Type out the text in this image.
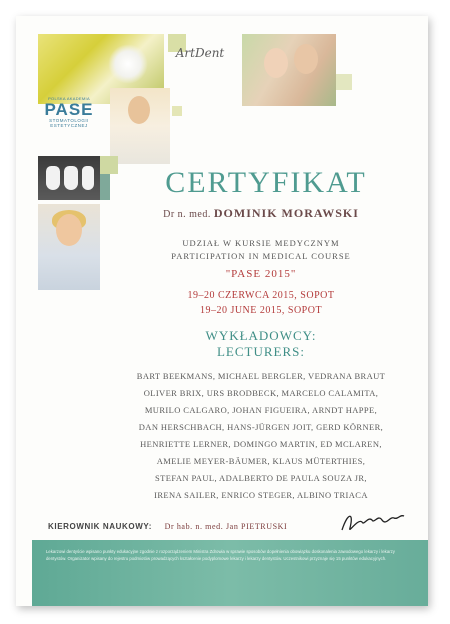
ArtDent
POLSKA AKADEMIA
PASE
STOMATOLOGII
ESTETYCZNEJ
CERTYFIKAT
Dr n. med. DOMINIK MORAWSKI
UDZIAŁ W KURSIE MEDYCZNYM
PARTICIPATION IN MEDICAL COURSE
"PASE 2015"
19–20 CZERWCA 2015, SOPOT
19–20 JUNE 2015, SOPOT
WYKŁADOWCY:
LECTURERS:
BART BEEKMANS, MICHAEL BERGLER, VEDRANA BRAUT
OLIVER BRIX, URS BRODBECK, MARCELO CALAMITA,
MURILO CALGARO, JOHAN FIGUEIRA, ARNDT HAPPE,
DAN HERSCHBACH, HANS-JÜRGEN JOIT, GERD KÖRNER,
HENRIETTE LERNER, DOMINGO MARTIN, ED MCLAREN,
AMELIE MEYER-BÄUMER, KLAUS MÜTERTHIES,
STEFAN PAUL, ADALBERTO DE PAULA SOUZA JR,
IRENA SAILER, ENRICO STEGER, ALBINO TRIACA
KIEROWNIK NAUKOWY: Dr hab. n. med. Jan PIETRUSKI
Lekarzowi dentyście wpisano punkty edukacyjne zgodnie z rozporządzeniem Ministra Zdrowia w sprawie sposobów dopełnienia obowiązku doskonalenia zawodowego lekarzy i lekarzy dentystów. Organizator wpisany do rejestru podmiotów prowadzących kształcenie podyplomowe lekarzy i lekarzy dentystów. Uczestnikowi przyznaje się 15 punktów edukacyjnych.
